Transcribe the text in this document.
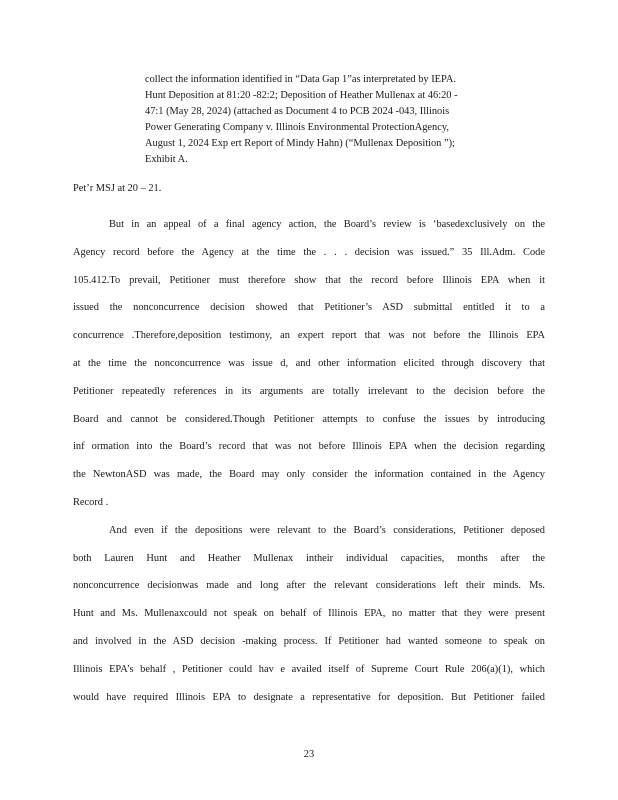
collect the information identified in “Data Gap 1”as interpretated by IEPA.
Hunt Deposition at 81:20 -82:2; Deposition of Heather Mullenax at 46:20 -
47:1 (May 28, 2024) (attached as Document 4 to PCB 2024 -043, Illinois
Power Generating Company v. Illinois Environmental ProtectionAgency,
August 1, 2024 Exp ert Report of Mindy Hahn) (“Mullenax Deposition ”);
Exhibit A.
Pet’r MSJ at 20 – 21.
But in an appeal of a final agency action, the Board’s review is ‘basedexclusively on the
Agency record before the Agency at the time the . . . decision was issued.” 35 Ill.Adm. Code
105.412.To prevail, Petitioner must therefore show that the record before Illinois EPA when it
issued the nonconcurrence decision showed that Petitioner’s ASD submittal entitled it to a
concurrence .Therefore,deposition testimony, an expert report that was not before the Illinois EPA
at the time the nonconcurrence was issue d, and other information elicited through discovery that
Petitioner repeatedly references in its arguments are totally irrelevant to the decision before the
Board and cannot be considered.Though Petitioner attempts to confuse the issues by introducing
inf ormation into the Board’s record that was not before Illinois EPA when the decision regarding
the NewtonASD was made, the Board may only consider the information contained in the Agency
Record .
And even if the depositions were relevant to the Board’s considerations, Petitioner deposed
both Lauren Hunt and Heather Mullenax intheir individual capacities, months after the
nonconcurrence decisionwas made and long after the relevant considerations left their minds. Ms.
Hunt and Ms. Mullenaxcould not speak on behalf of Illinois EPA, no matter that they were present
and involved in the ASD decision -making process. If Petitioner had wanted someone to speak on
Illinois EPA’s behalf , Petitioner could hav e availed itself of Supreme Court Rule 206(a)(1), which
would have required Illinois EPA to designate a representative for deposition. But Petitioner failed
23
